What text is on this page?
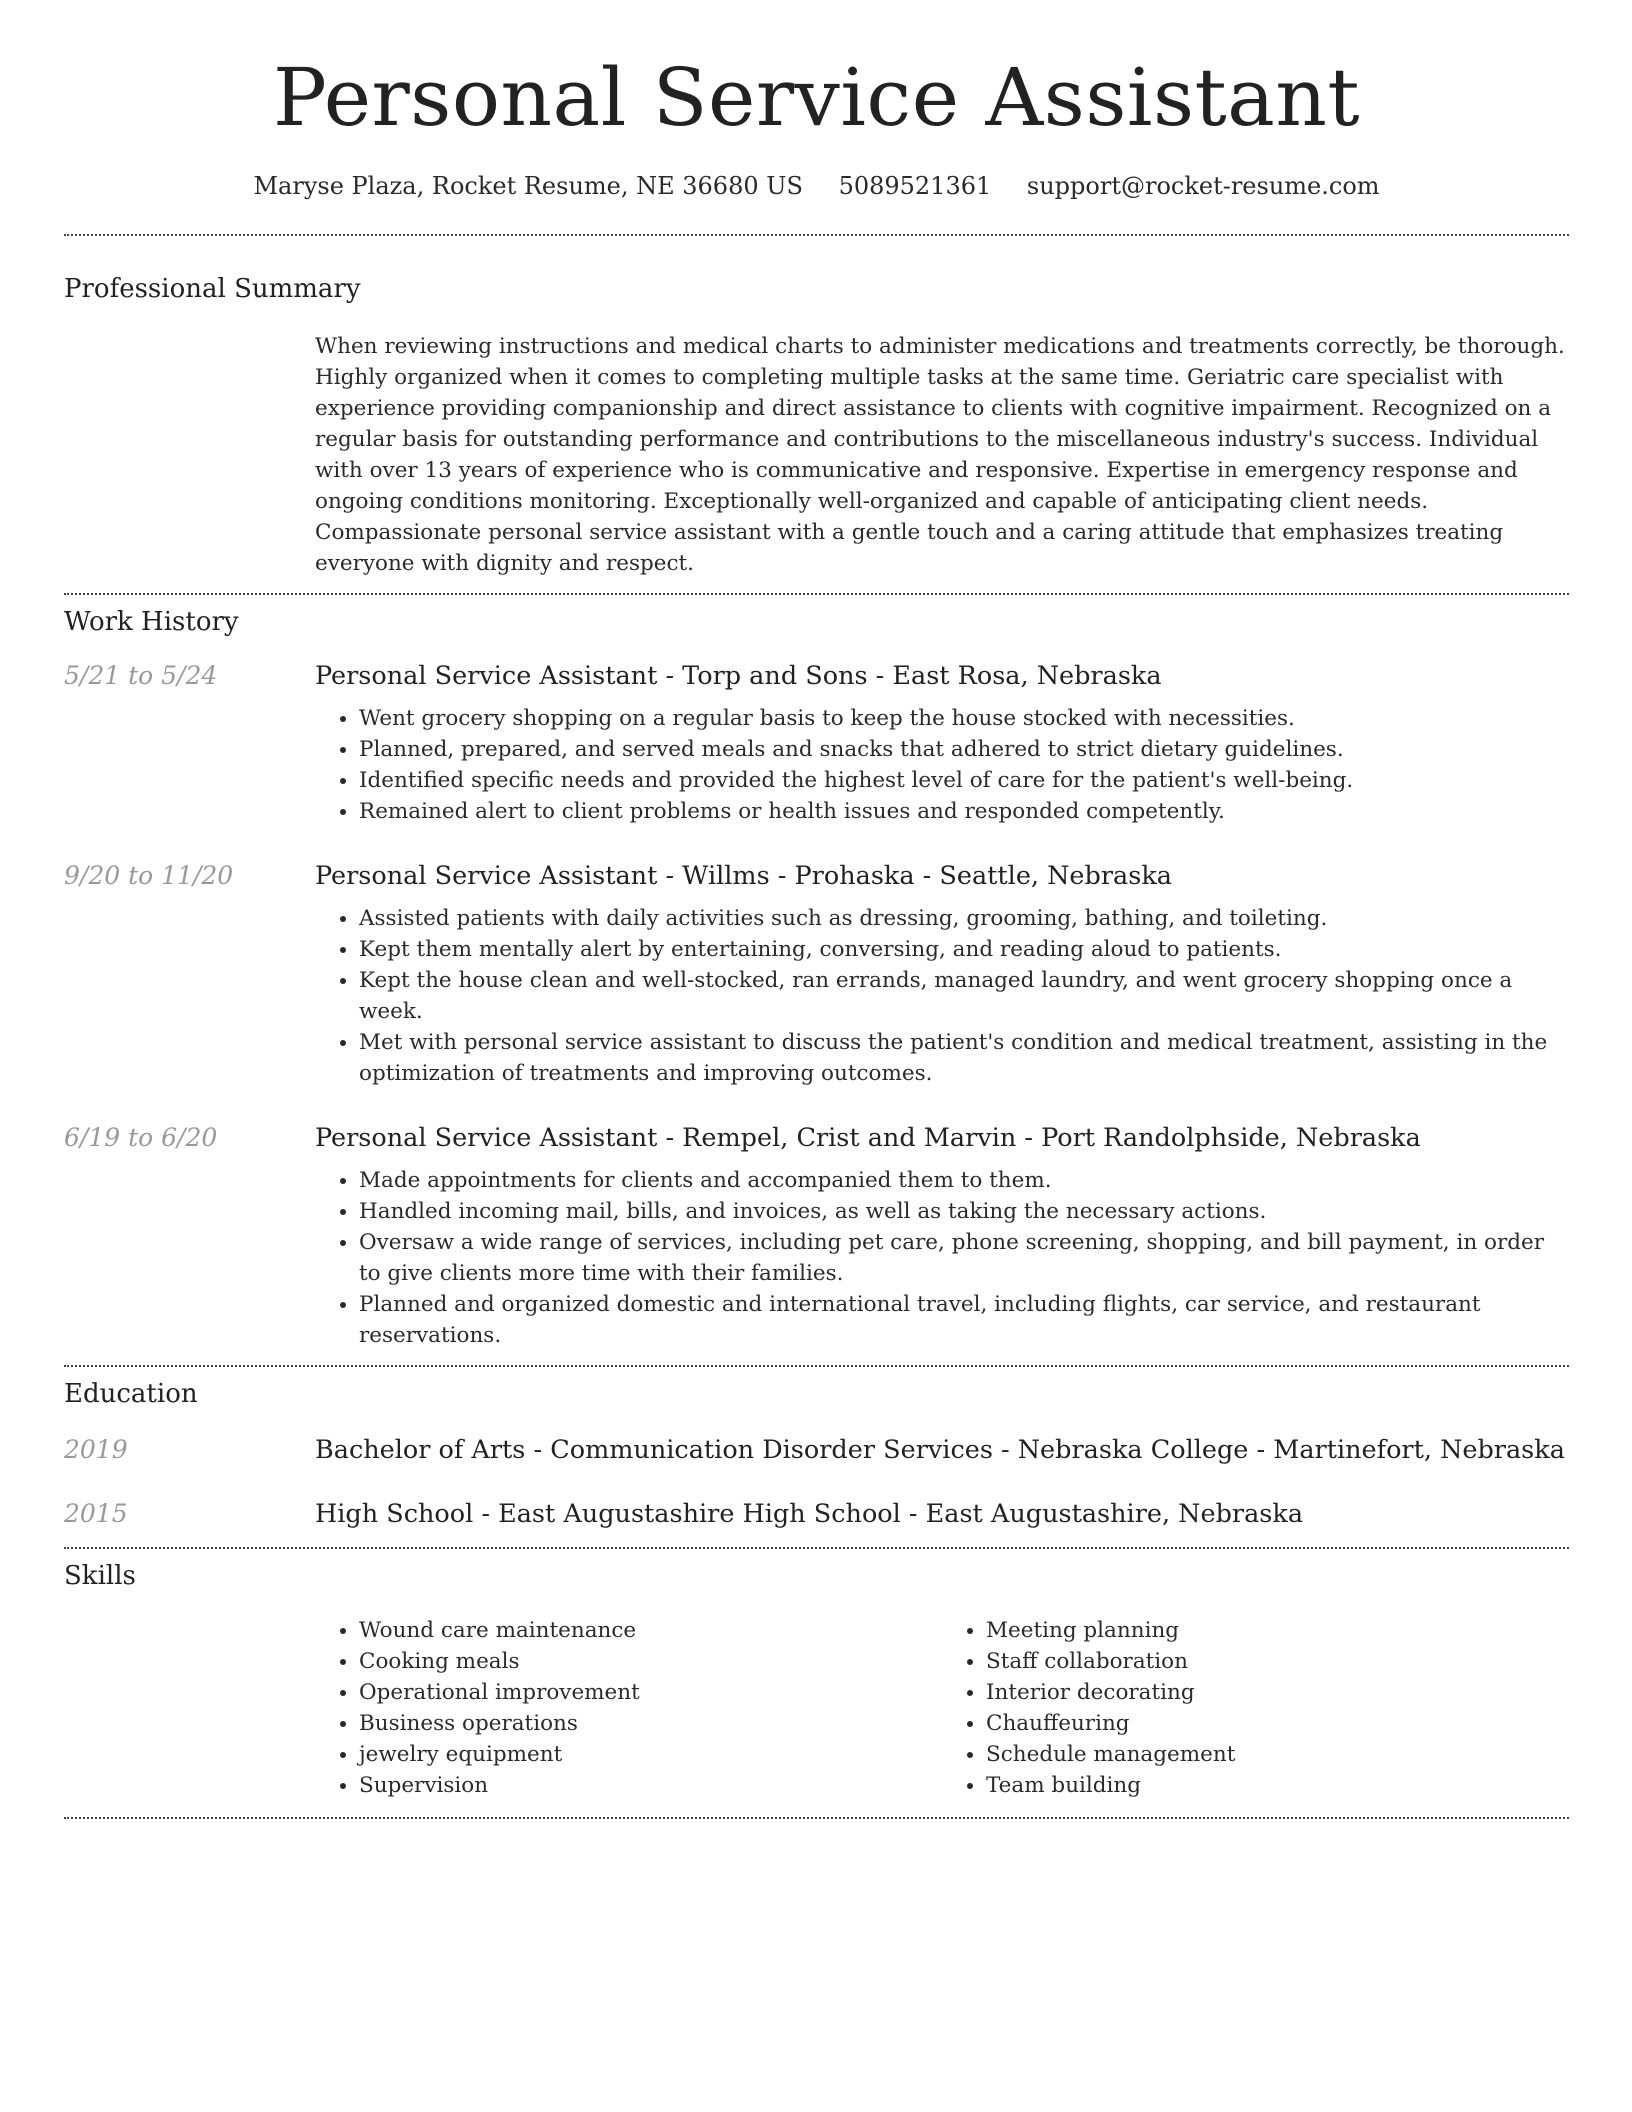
Personal Service Assistant
Maryse Plaza, Rocket Resume, NE 36680 US 5089521361 support@rocket-resume.com
Professional Summary
When reviewing instructions and medical charts to administer medications and treatments correctly, be thorough. Highly organized when it comes to completing multiple tasks at the same time. Geriatric care specialist with experience providing companionship and direct assistance to clients with cognitive impairment. Recognized on a regular basis for outstanding performance and contributions to the miscellaneous industry's success. Individual with over 13 years of experience who is communicative and responsive. Expertise in emergency response and ongoing conditions monitoring. Exceptionally well-organized and capable of anticipating client needs. Compassionate personal service assistant with a gentle touch and a caring attitude that emphasizes treating everyone with dignity and respect.
Work History
5/21 to 5/24	Personal Service Assistant - Torp and Sons - East Rosa, Nebraska
• Went grocery shopping on a regular basis to keep the house stocked with necessities.
• Planned, prepared, and served meals and snacks that adhered to strict dietary guidelines.
• Identified specific needs and provided the highest level of care for the patient's well-being.
• Remained alert to client problems or health issues and responded competently.
9/20 to 11/20	Personal Service Assistant - Willms - Prohaska - Seattle, Nebraska
• Assisted patients with daily activities such as dressing, grooming, bathing, and toileting.
• Kept them mentally alert by entertaining, conversing, and reading aloud to patients.
• Kept the house clean and well-stocked, ran errands, managed laundry, and went grocery shopping once a week.
• Met with personal service assistant to discuss the patient's condition and medical treatment, assisting in the optimization of treatments and improving outcomes.
6/19 to 6/20	Personal Service Assistant - Rempel, Crist and Marvin - Port Randolphside, Nebraska
• Made appointments for clients and accompanied them to them.
• Handled incoming mail, bills, and invoices, as well as taking the necessary actions.
• Oversaw a wide range of services, including pet care, phone screening, shopping, and bill payment, in order to give clients more time with their families.
• Planned and organized domestic and international travel, including flights, car service, and restaurant reservations.
Education
2019	Bachelor of Arts - Communication Disorder Services - Nebraska College - Martinefort, Nebraska
2015	High School - East Augustashire High School - East Augustashire, Nebraska
Skills
• Wound care maintenance
• Cooking meals
• Operational improvement
• Business operations
• jewelry equipment
• Supervision
• Meeting planning
• Staff collaboration
• Interior decorating
• Chauffeuring
• Schedule management
• Team building
